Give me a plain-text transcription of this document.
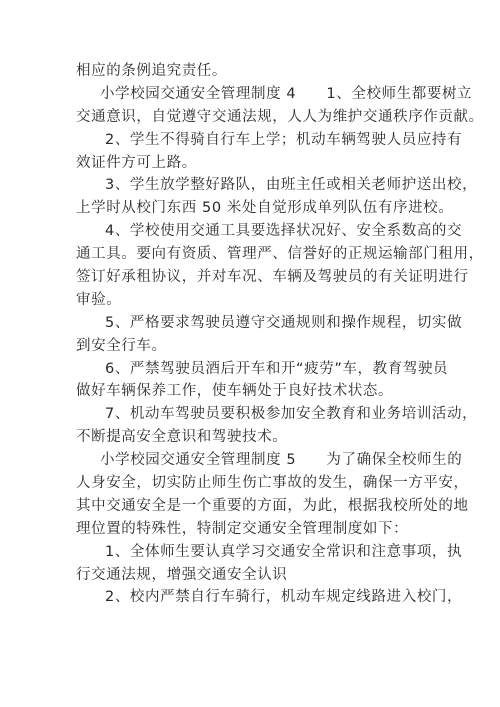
相应的条例追究责任。
小学校园交通安全管理制度 4　　1、全校师生都要树立
交通意识，自觉遵守交通法规，人人为维护交通秩序作贡献。
2、学生不得骑自行车上学；机动车辆驾驶人员应持有
效证件方可上路。
3、学生放学整好路队，由班主任或相关老师护送出校，
上学时从校门东西 50 米处自觉形成单列队伍有序进校。
4、学校使用交通工具要选择状况好、安全系数高的交
通工具。要向有资质、管理严、信誉好的正规运输部门租用，
签订好承租协议，并对车况、车辆及驾驶员的有关证明进行
审验。
5、严格要求驾驶员遵守交通规则和操作规程，切实做
到安全行车。
6、严禁驾驶员酒后开车和开“疲劳”车，教育驾驶员
做好车辆保养工作，使车辆处于良好技术状态。
7、机动车驾驶员要积极参加安全教育和业务培训活动，
不断提高安全意识和驾驶技术。
小学校园交通安全管理制度 5　　为了确保全校师生的
人身安全，切实防止师生伤亡事故的发生，确保一方平安，
其中交通安全是一个重要的方面，为此，根据我校所处的地
理位置的特殊性，特制定交通安全管理制度如下：
1、全体师生要认真学习交通安全常识和注意事项，执
行交通法规，增强交通安全认识
2、校内严禁自行车骑行，机动车规定线路进入校门，
